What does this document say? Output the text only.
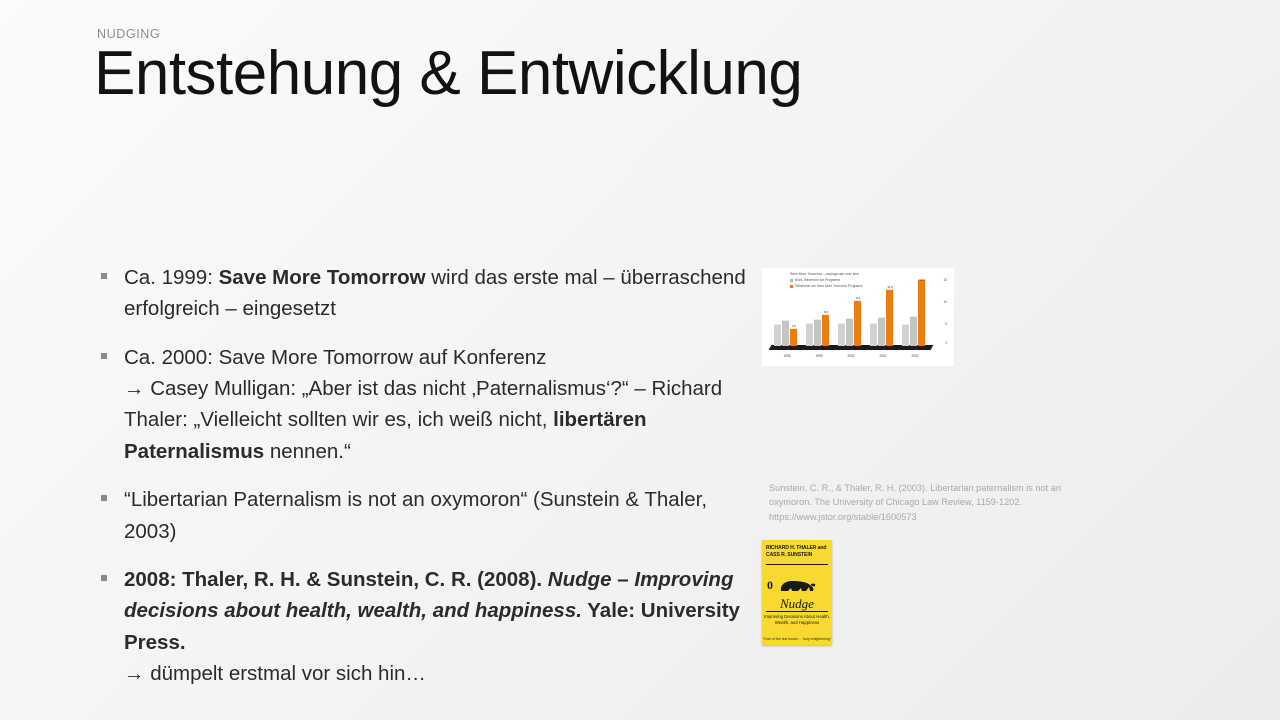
NUDGING
Entstehung & Entwicklung
Ca. 1999: Save More Tomorrow wird das erste mal – überraschend erfolgreich – eingesetzt
Ca. 2000: Save More Tomorrow auf Konferenz
→ Casey Mulligan: „Aber ist das nicht ‚Paternalismus‘?“ – Richard Thaler: „Vielleicht sollten wir es, ich weiß nicht, libertären Paternalismus nennen.“
“Libertarian Paternalism is not an oxymoron“ (Sunstein & Thaler, 2003)
2008: Thaler, R. H. & Sunstein, C. R. (2008). Nudge – Improving decisions about health, wealth, and happiness. Yale: University Press.
→ dümpelt erstmal vor sich hin…
Save More Tomorrow – savings rate over time
Nicht-Teilnehmer am Programm
Teilnehmer am Save More Tomorrow Programm
3.5
1998
6.5
1999
9.4
2000
11.6
2001
13.6
2002
15
10
5
0
Sunstein, C. R., & Thaler, R. H. (2003). Libertarian paternalism is not an oxymoron. The University of Chicago Law Review, 1159-1202. https://www.jstor.org/stable/1600573
RICHARD H. THALER and CASS R. SUNSTEIN
0
Nudge
Improving Decisions About Health, Wealth, and Happiness
"One of the few books ... truly enlightening"
